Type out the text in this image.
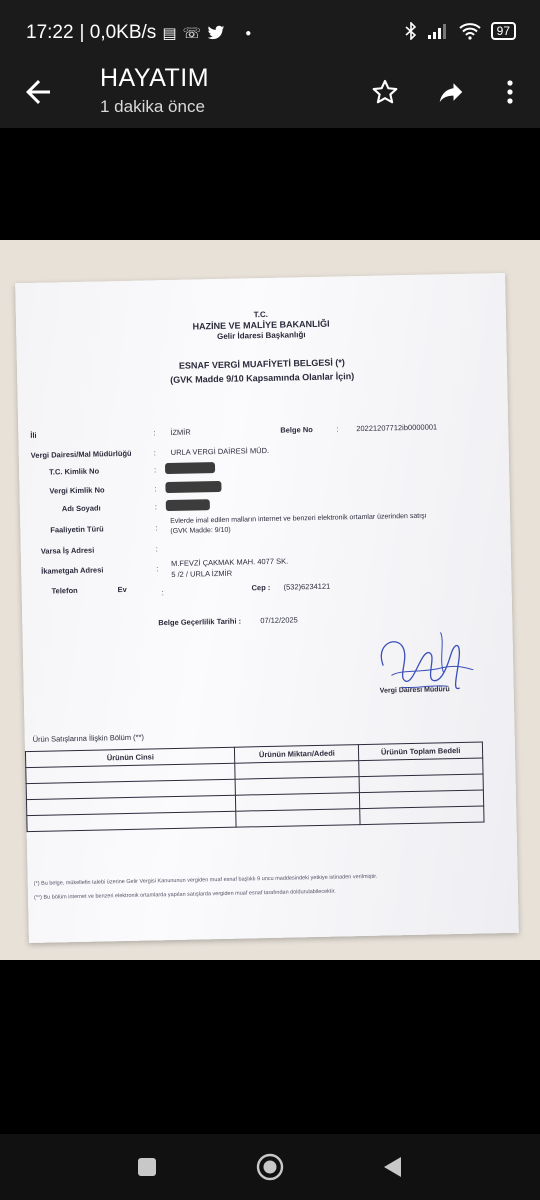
17:22 | 0,0KB/s ▤ ☏	●	97
HAYATIM
1 dakika önce
T.C.
HAZİNE VE MALİYE BAKANLIĞI
Gelir İdaresi Başkanlığı
ESNAF VERGİ MUAFİYETİ BELGESİ (*)
(GVK Madde 9/10 Kapsamında Olanlar İçin)
İli	: İZMİR	Belge No	: 20221207712ib0000001
Vergi Dairesi/Mal Müdürlüğü	: URLA VERGİ DAİRESİ MÜD.
T.C. Kimlik No	:
Vergi Kimlik No	:
Adı Soyadı	:
Faaliyetin Türü	:
Evlerde imal edilen malların internet ve benzeri elektronik ortamlar üzerinden satışı
(GVK Madde: 9/10)
Varsa İş Adresi	:
İkametgah Adresi	:
M.FEVZİ ÇAKMAK MAH. 4077 SK.
5 /2 / URLA İZMİR
Telefon	Ev	:
Cep : (532)6234121
Belge Geçerlilik Tarihi :	07/12/2025
Vergi Dairesi Müdürü
Ürün Satışlarına İlişkin Bölüm (**)
Ürünün Cinsi	Ürünün Miktarı/Adedi	Ürünün Toplam Bedeli

(*) Bu belge, mükellefin talebi üzerine Gelir Vergisi Kanununun vergiden muaf esnaf başlıklı 9 uncu maddesindeki yetkiye istinaden verilmiştir.
(**) Bu bölüm internet ve benzeri elektronik ortamlarda yapılan satışlarda vergiden muaf esnaf tarafından doldurulabilecektir.
